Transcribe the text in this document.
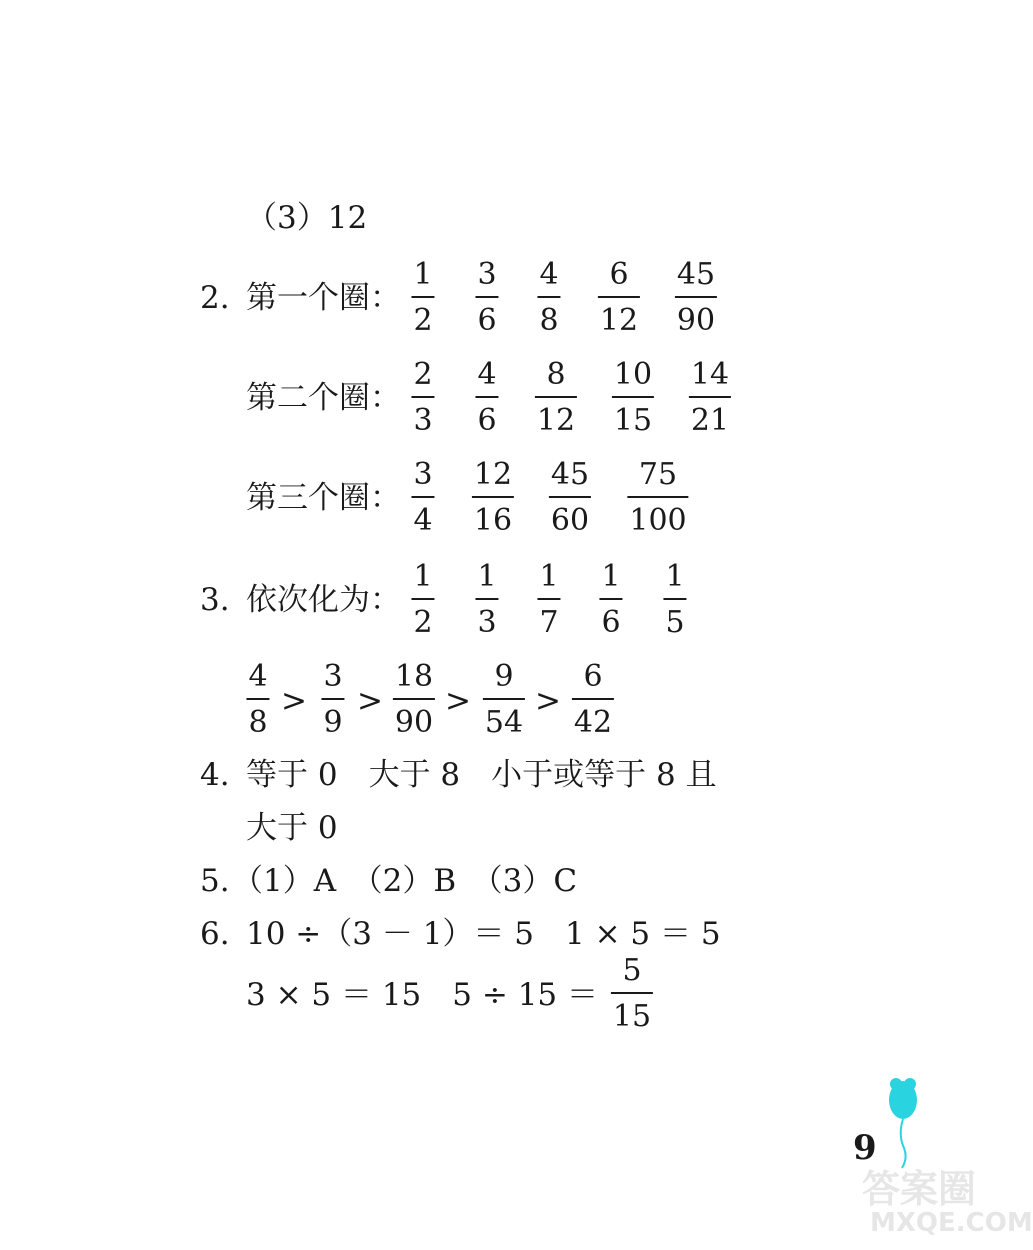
（3）12
2. 第一个圈：
第二个圈：
第三个圈：
1
2
3
6
4
8
6
12
45
90
2
3
4
6
8
12
10
15
14
21
3
4
12
16
45
60
75
100
3. 依次化为：
1
2
1
3
1
7
1
6
1
5
4
8
>
3
9
>
18
90
>
9
54
>
6
42
4. 等于 0　大于 8　小于或等于 8 且
大于 0
5. （1）A　（2）B　（3）C
6. 10 ÷（3 － 1）＝ 5　1 × 5 ＝ 5
3 × 5 ＝ 15　5 ÷ 15 ＝
5
15
9
答案圈
MXQE.COM
